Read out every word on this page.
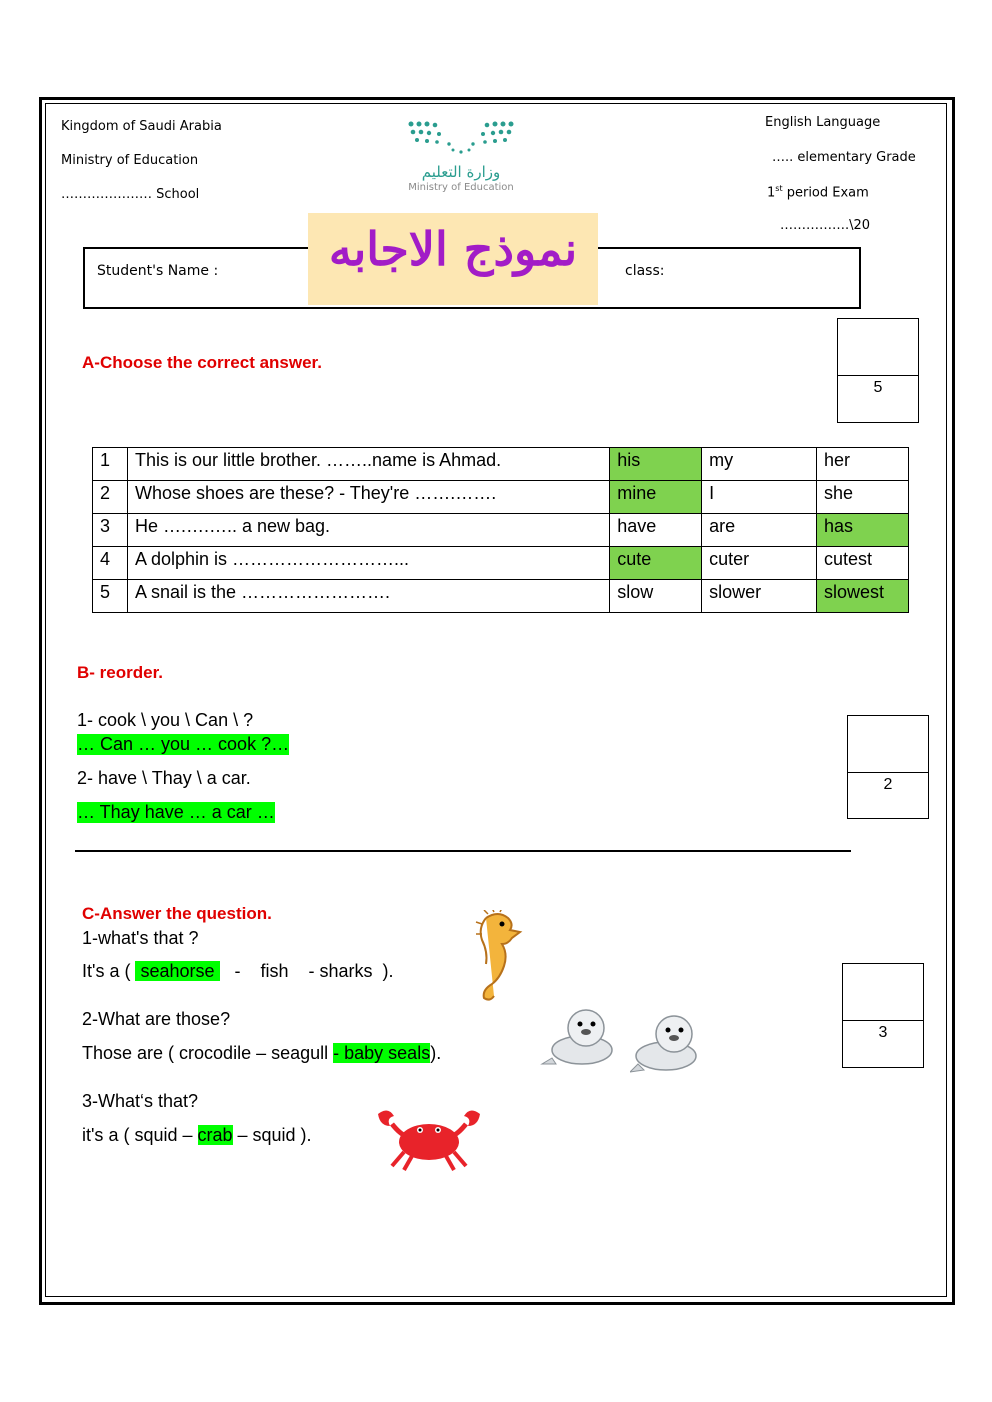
Kingdom of Saudi Arabia
Ministry of Education
………………… School
وزارة التعليم
Ministry of Education
English Language
….. elementary Grade
1st period Exam
…………….\20
نموذج الاجابه
Student's Name :	class:
A-Choose the correct answer.
5
1	This is our little brother. ……..name is Ahmad.	his	my	her
2	Whose shoes are these? - They're …….…….	mine	I	she
3	He ….….….. a new bag.	have	are	has
4	A dolphin is ………………………...	cute	cuter	cutest
5	A snail is the …………………….	slow	slower	slowest
B- reorder.
1- cook \ you \ Can \ ?
… Can … you … cook ?…
2- have \ Thay \ a car.
… Thay have … a car …
2
C-Answer the question.
1-what's that ?
It's a (  seahorse    -    fish    - sharks  ).
2-What are those?
Those are ( crocodile – seagull - baby seals).
3-What‘s that?
it's a ( squid – crab – squid ).
3
